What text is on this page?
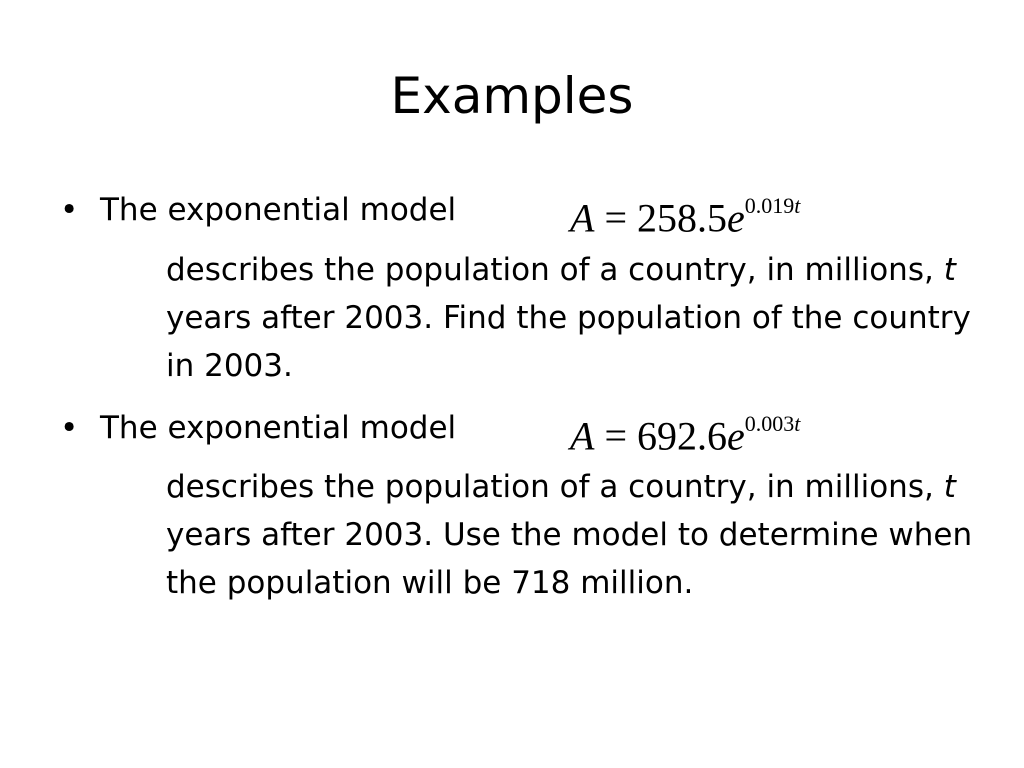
Examples
• The exponential model	$A = 258.5e^{0.019t}$
describes the population of a country, in millions, t years after 2003. Find the population of the country in 2003.
• The exponential model	$A = 692.6e^{0.003t}$
describes the population of a country, in millions, t years after 2003. Use the model to determine when the population will be 718 million.
